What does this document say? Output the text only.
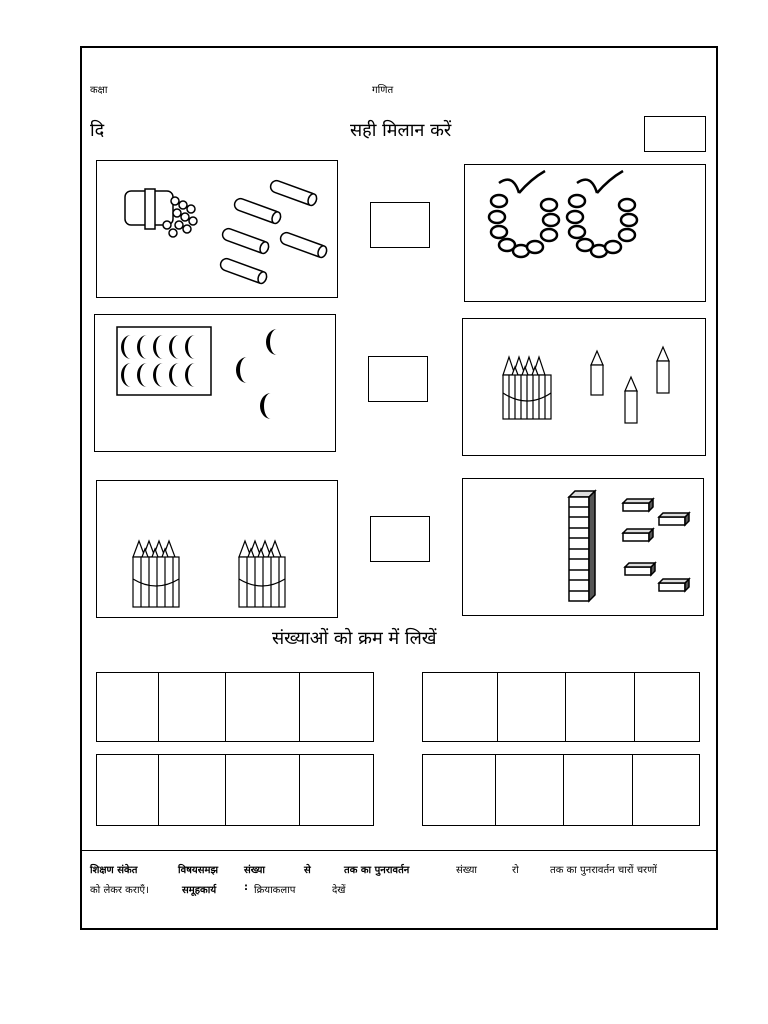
कक्षा	गणित
दि	सही मिलान करें
संख्याओं को क्रम में लिखें
शिक्षण संकेत	विषयसमझ	संख्या	से	तक का पुनरावर्तन	संख्या	रो	तक का पुनरावर्तन चारों चरणों
को लेकर कराएँ।	समूहकार्य	: क्रियाकलाप	देखें
